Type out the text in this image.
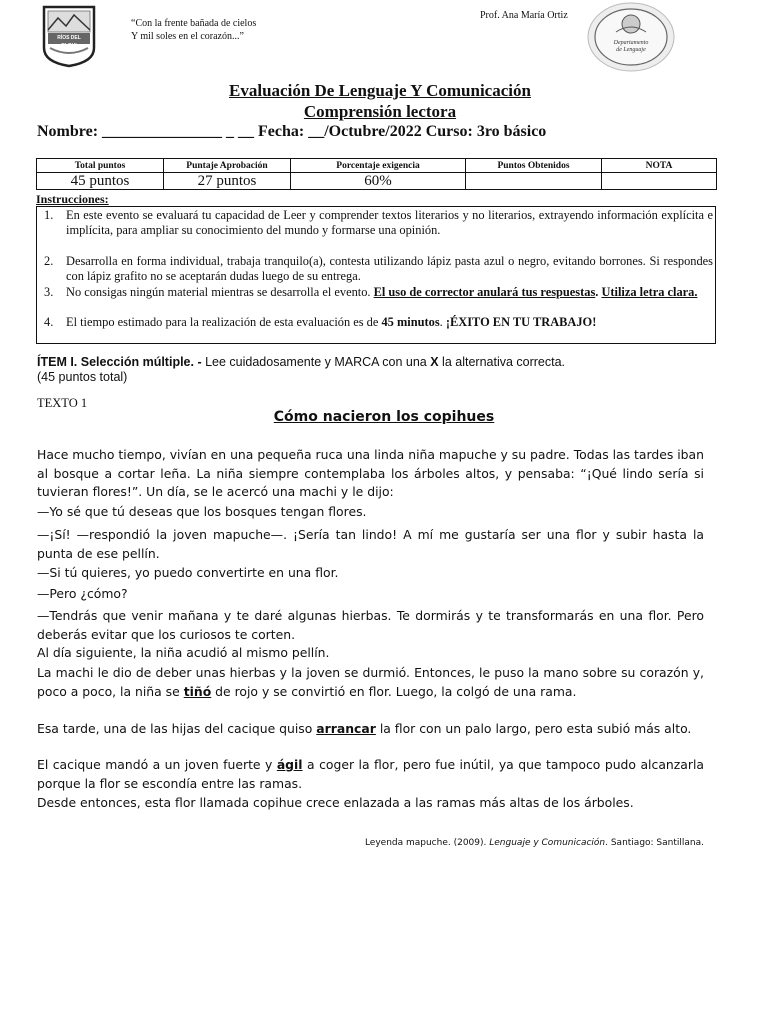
RÍOS DEL ELQUI
“Con la frente bañada de cielos
Y mil soles en el corazón...”
Prof. Ana María Ortiz
Departamento de Lenguaje
Evaluación De Lenguaje Y Comunicación
Comprensión lectora
Nombre: _______________ _ __ Fecha: __/Octubre/2022 Curso: 3ro básico
Total puntos	Puntaje Aprobación	Porcentaje exigencia	Puntos Obtenidos	NOTA
45 puntos	27 puntos	60%		
Instrucciones:
1. En este evento se evaluará tu capacidad de Leer y comprender textos literarios y no literarios, extrayendo información explícita e implícita, para ampliar su conocimiento del mundo y formarse una opinión.
2. Desarrolla en forma individual, trabaja tranquilo(a), contesta utilizando lápiz pasta azul o negro, evitando borrones. Si respondes con lápiz grafito no se aceptarán dudas luego de su entrega.
3. No consigas ningún material mientras se desarrolla el evento. El uso de corrector anulará tus respuestas. Utiliza letra clara.
4. El tiempo estimado para la realización de esta evaluación es de 45 minutos. ¡ÉXITO EN TU TRABAJO!
ÍTEM I. Selección múltiple. - Lee cuidadosamente y MARCA con una X la alternativa correcta.
(45 puntos total)
TEXTO 1
Cómo nacieron los copihues
Hace mucho tiempo, vivían en una pequeña ruca una linda niña mapuche y su padre. Todas las tardes iban al bosque a cortar leña. La niña siempre contemplaba los árboles altos, y pensaba: “¡Qué lindo sería si tuvieran flores!”. Un día, se le acercó una machi y le dijo:
—Yo sé que tú deseas que los bosques tengan flores.
—¡Sí! —respondió la joven mapuche—. ¡Sería tan lindo! A mí me gustaría ser una flor y subir hasta la punta de ese pellín.
—Si tú quieres, yo puedo convertirte en una flor.
—Pero ¿cómo?
—Tendrás que venir mañana y te daré algunas hierbas. Te dormirás y te transformarás en una flor. Pero deberás evitar que los curiosos te corten.
Al día siguiente, la niña acudió al mismo pellín.
La machi le dio de deber unas hierbas y la joven se durmió. Entonces, le puso la mano sobre su corazón y, poco a poco, la niña se tiñó de rojo y se convirtió en flor. Luego, la colgó de una rama.
Esa tarde, una de las hijas del cacique quiso arrancar la flor con un palo largo, pero esta subió más alto.
El cacique mandó a un joven fuerte y ágil a coger la flor, pero fue inútil, ya que tampoco pudo alcanzarla porque la flor se escondía entre las ramas.
Desde entonces, esta flor llamada copihue crece enlazada a las ramas más altas de los árboles.
Leyenda mapuche. (2009). Lenguaje y Comunicación. Santiago: Santillana.
